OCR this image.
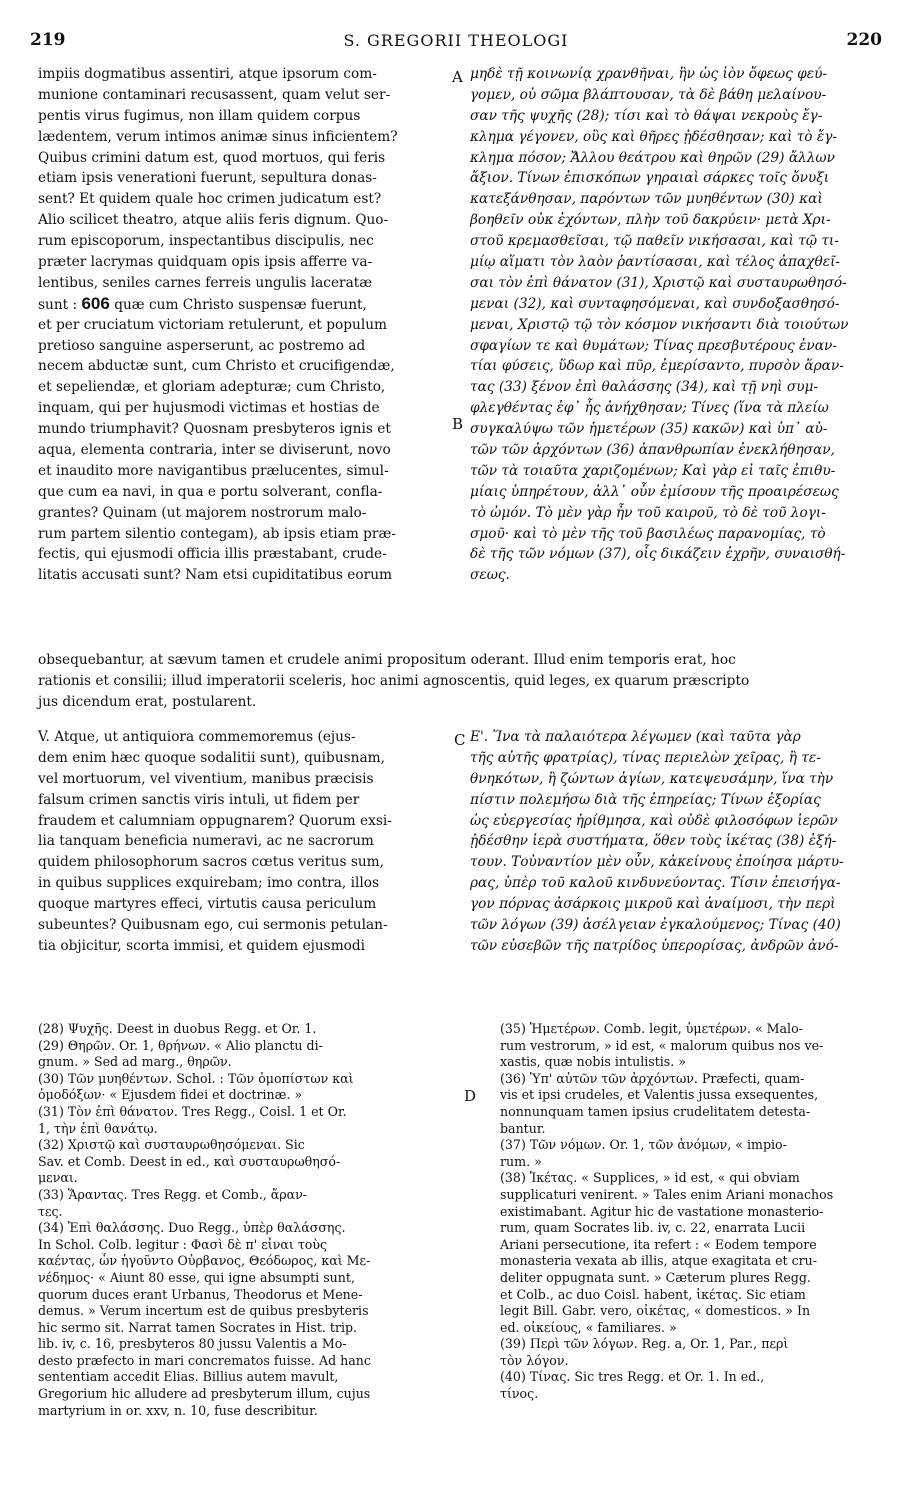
219	S. GREGORII THEOLOGI	220
A
B
C
D
impiis dogmatibus assentiri, atque ipsorum com-
munione contaminari recusassent, quam velut ser-
pentis virus fugimus, non illam quidem corpus
lædentem, verum intimos animæ sinus inficientem?
Quibus crimini datum est, quod mortuos, qui feris
etiam ipsis venerationi fuerunt, sepultura donas-
sent? Et quidem quale hoc crimen judicatum est?
Alio scilicet theatro, atque aliis feris dignum. Quo-
rum episcoporum, inspectantibus discipulis, nec
præter lacrymas quidquam opis ipsis afferre va-
lentibus, seniles carnes ferreis ungulis laceratæ
sunt : 606 quæ cum Christo suspensæ fuerunt,
et per cruciatum victoriam retulerunt, et populum
pretioso sanguine asperserunt, ac postremo ad
necem abductæ sunt, cum Christo et crucifigendæ,
et sepeliendæ, et gloriam adepturæ; cum Christo,
inquam, qui per hujusmodi victimas et hostias de
mundo triumphavit? Quosnam presbyteros ignis et
aqua, elementa contraria, inter se diviserunt, novo
et inaudito more navigantibus prælucentes, simul-
que cum ea navi, in qua e portu solverant, confla-
grantes? Quinam (ut majorem nostrorum malo-
rum partem silentio contegam), ab ipsis etiam præ-
fectis, qui ejusmodi officia illis præstabant, crude-
litatis accusati sunt? Nam etsi cupiditatibus eorum
μηδὲ τῇ κοινωνίᾳ χρανθῆναι, ἣν ὡς ἰὸν ὄφεως φεύ-
γομεν, οὐ σῶμα βλάπτουσαν, τὰ δὲ βάθη μελαίνου-
σαν τῆς ψυχῆς (28); τίσι καὶ τὸ θάψαι νεκροὺς ἔγ-
κλημα γέγονεν, οὓς καὶ θῆρες ᾐδέσθησαν; καὶ τὸ ἔγ-
κλημα πόσον; Ἄλλου θεάτρου καὶ θηρῶν (29) ἄλλων
ἄξιον. Τίνων ἐπισκόπων γηραιαὶ σάρκες τοῖς ὄνυξι
κατεξάνθησαν, παρόντων τῶν μυηθέντων (30) καὶ
βοηθεῖν οὐκ ἐχόντων, πλὴν τοῦ δακρύειν· μετὰ Χρι-
στοῦ κρεμασθεῖσαι, τῷ παθεῖν νικήσασαι, καὶ τῷ τι-
μίῳ αἵματι τὸν λαὸν ῥαντίσασαι, καὶ τέλος ἀπαχθεῖ-
σαι τὸν ἐπὶ θάνατον (31), Χριστῷ καὶ συσταυρωθησό-
μεναι (32), καὶ συνταφησόμεναι, καὶ συνδοξασθησό-
μεναι, Χριστῷ τῷ τὸν κόσμον νικήσαντι διὰ τοιούτων
σφαγίων τε καὶ θυμάτων; Τίνας πρεσβυτέρους ἐναν-
τίαι φύσεις, ὕδωρ καὶ πῦρ, ἐμερίσαντο, πυρσὸν ἅραν-
τας (33) ξένον ἐπὶ θαλάσσης (34), καὶ τῇ νηὶ συμ-
φλεγθέντας ἐφ᾽ ἧς ἀνήχθησαν; Τίνες (ἵνα τὰ πλείω
συγκαλύψω τῶν ἡμετέρων (35) κακῶν) καὶ ὑπ᾽ αὐ-
τῶν τῶν ἀρχόντων (36) ἀπανθρωπίαν ἐνεκλήθησαν,
τῶν τὰ τοιαῦτα χαριζομένων; Καὶ γὰρ εἰ ταῖς ἐπιθυ-
μίαις ὑπηρέτουν, ἀλλ᾽ οὖν ἐμίσουν τῆς προαιρέσεως
τὸ ὠμόν. Τὸ μὲν γὰρ ἦν τοῦ καιροῦ, τὸ δὲ τοῦ λογι-
σμοῦ· καὶ τὸ μὲν τῆς τοῦ βασιλέως παρανομίας, τὸ
δὲ τῆς τῶν νόμων (37), οἷς δικάζειν ἐχρῆν, συναισθή-
σεως.
obsequebantur, at sævum tamen et crudele animi propositum oderant. Illud enim temporis erat, hoc
rationis et consilii; illud imperatorii sceleris, hoc animi agnoscentis, quid leges, ex quarum præscripto
jus dicendum erat, postularent.
V. Atque, ut antiquiora commemoremus (ejus-
dem enim hæc quoque sodalitii sunt), quibusnam,
vel mortuorum, vel viventium, manibus præcisis
falsum crimen sanctis viris intuli, ut fidem per
fraudem et calumniam oppugnarem? Quorum exsi-
lia tanquam beneficia numeravi, ac ne sacrorum
quidem philosophorum sacros cœtus veritus sum,
in quibus supplices exquirebam; imo contra, illos
quoque martyres effeci, virtutis causa periculum
subeuntes? Quibusnam ego, cui sermonis petulan-
tia objicitur, scorta immisi, et quidem ejusmodi
Ε'. Ἵνα τὰ παλαιότερα λέγωμεν (καὶ ταῦτα γὰρ
τῆς αὐτῆς φρατρίας), τίνας περιελὼν χεῖρας, ἢ τε-
θνηκότων, ἢ ζώντων ἁγίων, κατεψευσάμην, ἵνα τὴν
πίστιν πολεμήσω διὰ τῆς ἐπηρείας; Τίνων ἐξορίας
ὡς εὐεργεσίας ἠρίθμησα, καὶ οὐδὲ φιλοσόφων ἱερῶν
ᾐδέσθην ἱερὰ συστήματα, ὅθεν τοὺς ἱκέτας (38) ἐξή-
τουν. Τοὐναντίον μὲν οὖν, κἀκείνους ἐποίησα μάρτυ-
ρας, ὑπὲρ τοῦ καλοῦ κινδυνεύοντας. Τίσιν ἐπεισήγα-
γον πόρνας ἀσάρκοις μικροῦ καὶ ἀναίμοσι, τὴν περὶ
τῶν λόγων (39) ἀσέλγειαν ἐγκαλούμενος; Τίνας (40)
τῶν εὐσεβῶν τῆς πατρίδος ὑπερορίσας, ἀνδρῶν ἀνό-
(28) Ψυχῆς. Deest in duobus Regg. et Or. 1.
(29) Θηρῶν. Or. 1, θρήνων. « Alio planctu di-
gnum. » Sed ad marg., θηρῶν.
(30) Τῶν μυηθέντων. Schol. : Τῶν ὁμοπίστων καὶ
ὁμοδόξων· « Ejusdem fidei et doctrinæ. »
(31) Τὸν ἐπὶ θάνατον. Tres Regg., Coisl. 1 et Or.
1, τὴν ἐπὶ θανάτῳ.
(32) Χριστῷ καὶ συσταυρωθησόμεναι. Sic
Sav. et Comb. Deest in ed., καὶ συσταυρωθησό-
μεναι.
(33) Ἅραντας. Tres Regg. et Comb., ἄραν-
τες.
(34) Ἐπὶ θαλάσσης. Duo Regg., ὑπὲρ θαλάσσης.
In Schol. Colb. legitur : Φασὶ δὲ π' εἶναι τοὺς
καέντας, ὧν ἡγοῦντο Οὐρβανος, Θεόδωρος, καὶ Με-
νέδημος· « Aiunt 80 esse, qui igne absumpti sunt,
quorum duces erant Urbanus, Theodorus et Mene-
demus. » Verum incertum est de quibus presbyteris
hic sermo sit. Narrat tamen Socrates in Hist. trip.
lib. iv, c. 16, presbyteros 80 jussu Valentis a Mo-
desto præfecto in mari concrematos fuisse. Ad hanc
sententiam accedit Elias. Billius autem mavult,
Gregorium hic alludere ad presbyterum illum, cujus
martyrium in or. xxv, n. 10, fuse describitur.
(35) Ἡμετέρων. Comb. legit, ὑμετέρων. « Malo-
rum vestrorum, » id est, « malorum quibus nos ve-
xastis, quæ nobis intulistis. »
(36) Ὑπ' αὐτῶν τῶν ἀρχόντων. Præfecti, quam-
vis et ipsi crudeles, et Valentis jussa exsequentes,
nonnunquam tamen ipsius crudelitatem detesta-
bantur.
(37) Τῶν νόμων. Or. 1, τῶν ἀνόμων, « impio-
rum. »
(38) Ἱκέτας. « Supplices, » id est, « qui obviam
supplicaturi venirent. » Tales enim Ariani monachos
existimabant. Agitur hic de vastatione monasterio-
rum, quam Socrates lib. iv, c. 22, enarrata Lucii
Ariani persecutione, ita refert : « Eodem tempore
monasteria vexata ab illis, atque exagitata et cru-
deliter oppugnata sunt. » Cæterum plures Regg.
et Colb., ac duo Coisl. habent, ἱκέτας. Sic etiam
legit Bill. Gabr. vero, οἰκέτας, « domesticos. » In
ed. οἰκείους, « familiares. »
(39) Περὶ τῶν λόγων. Reg. a, Or. 1, Par., περὶ
τὸν λόγον.
(40) Τίνας. Sic tres Regg. et Or. 1. In ed.,
τίνος.
